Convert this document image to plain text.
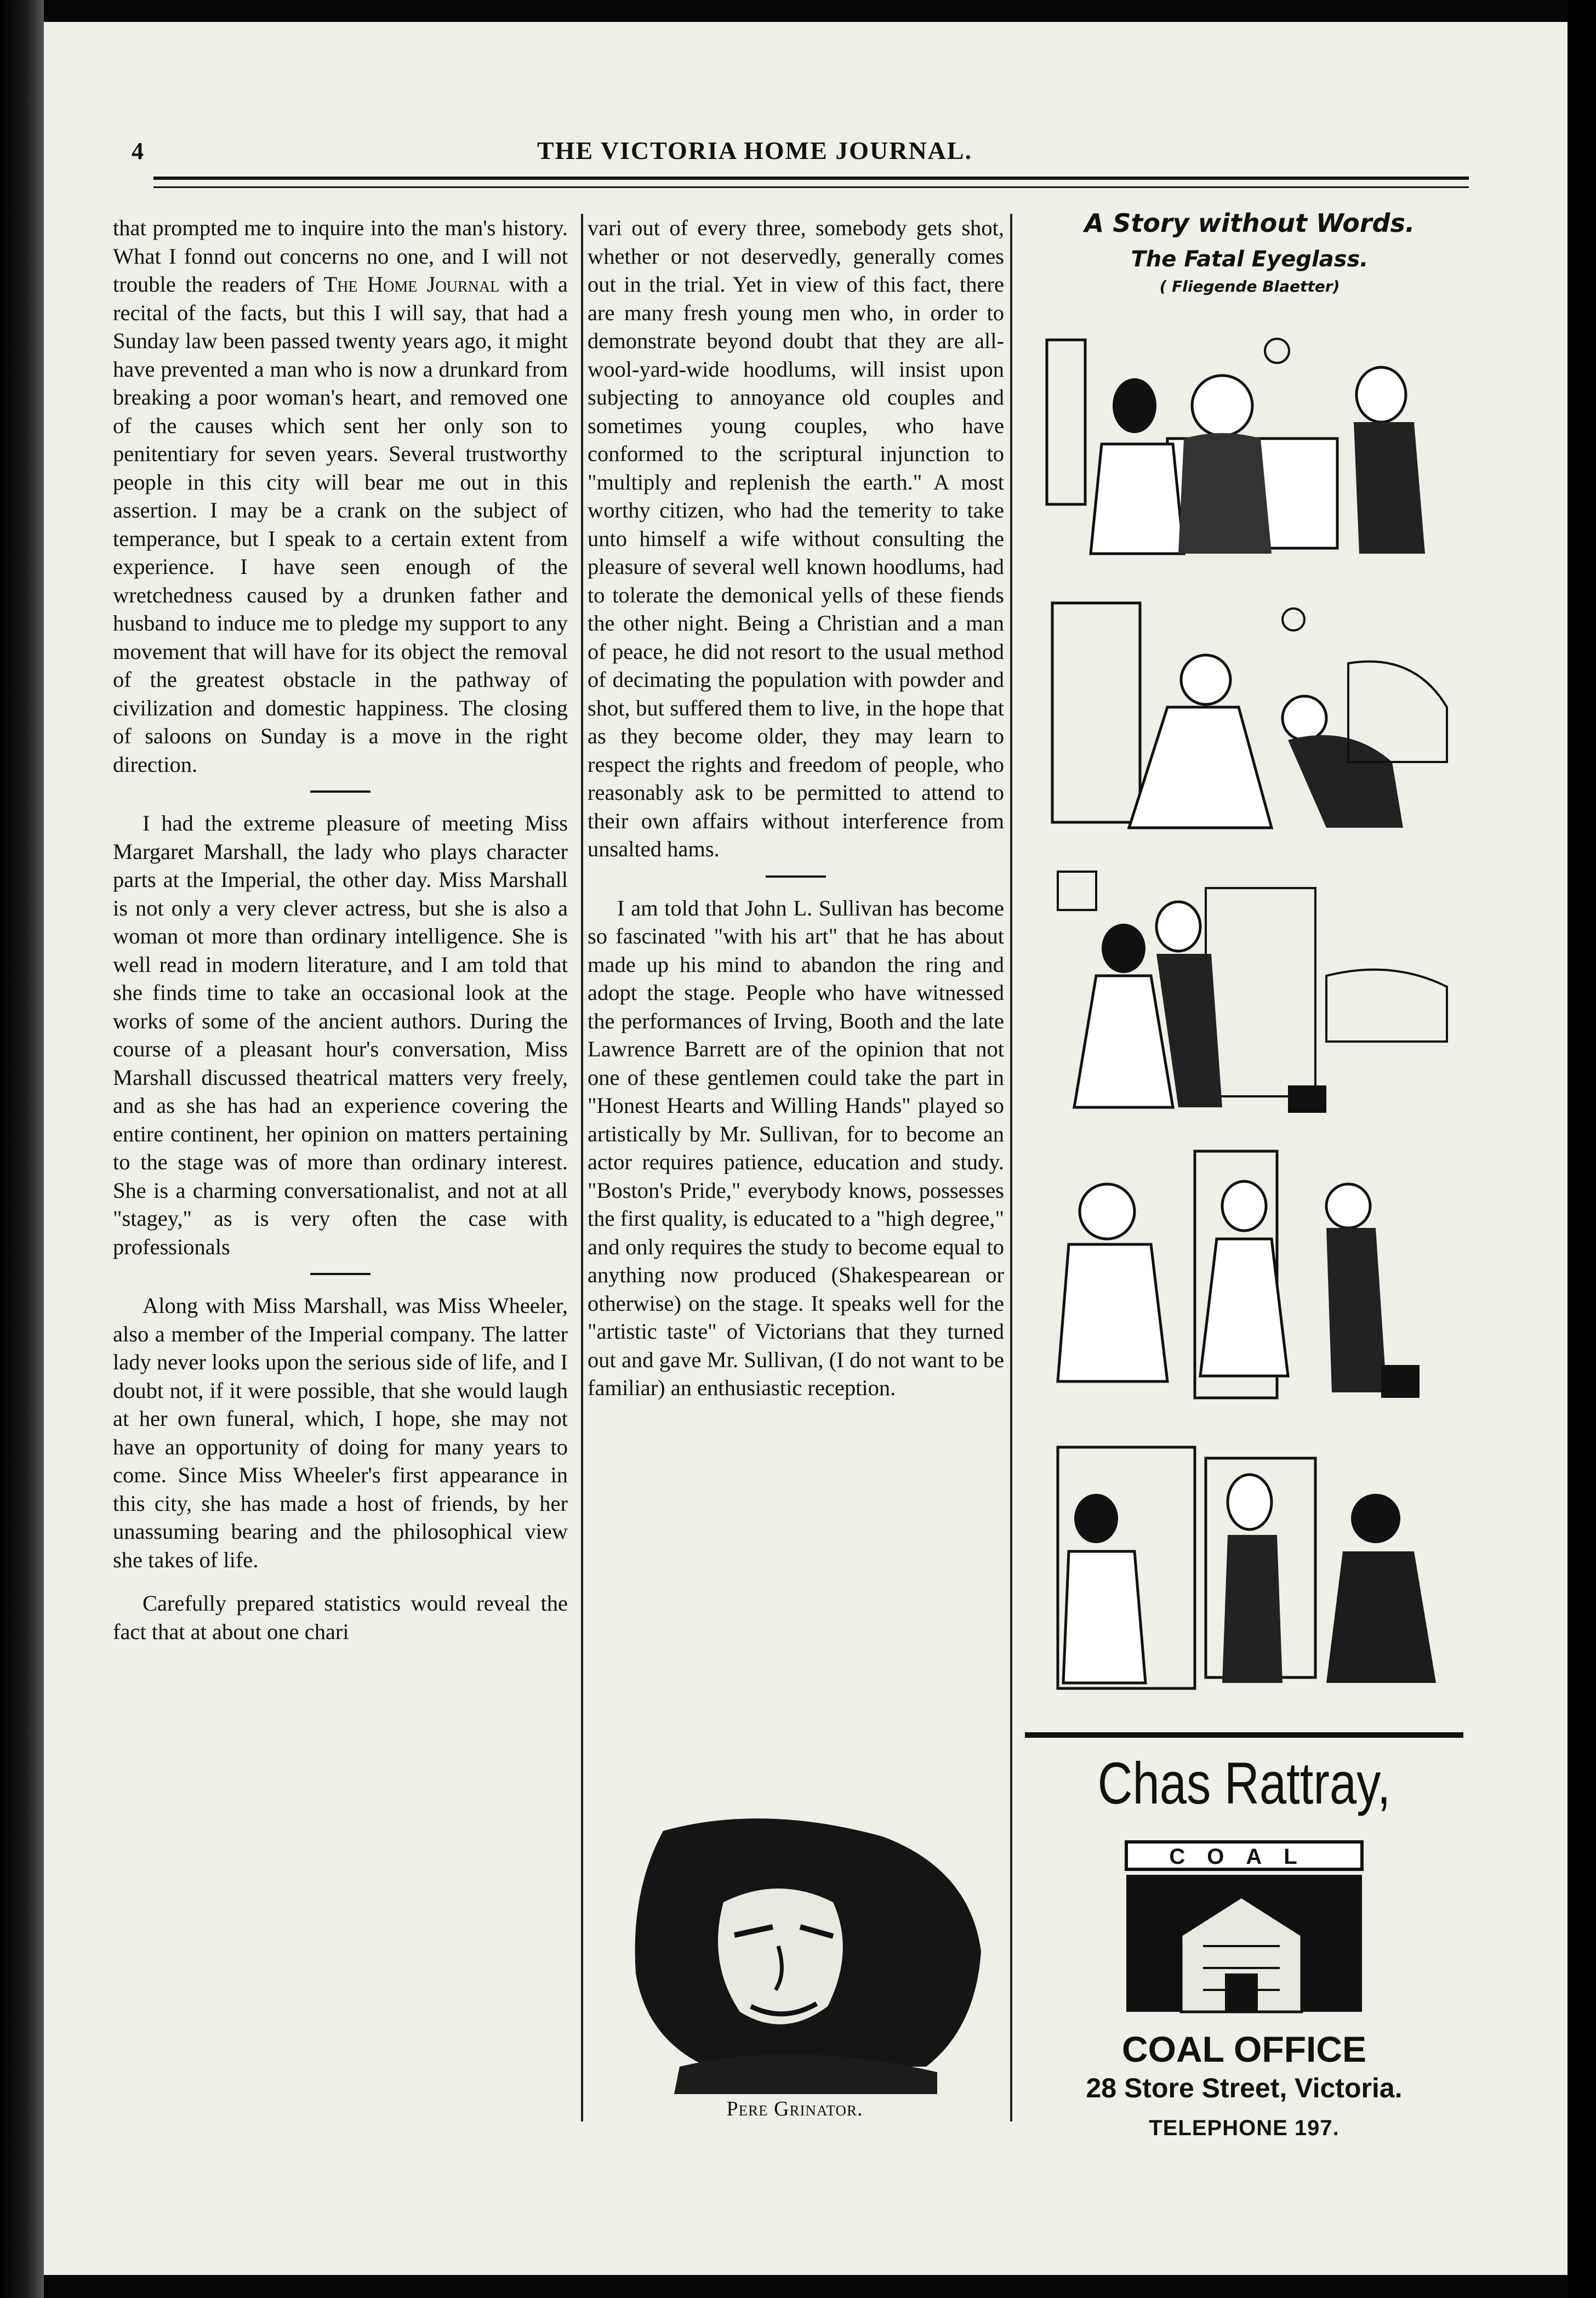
4	THE VICTORIA HOME JOURNAL.

that prompted me to inquire into the man's history. What I fonnd out concerns no one, and I will not trouble the readers of The Home Journal with a recital of the facts, but this I will say, that had a Sunday law been passed twenty years ago, it might have prevented a man who is now a drunkard from breaking a poor woman's heart, and removed one of the causes which sent her only son to penitentiary for seven years. Several trustworthy people in this city will bear me out in this assertion. I may be a crank on the subject of temperance, but I speak to a certain extent from experience. I have seen enough of the wretchedness caused by a drunken father and husband to induce me to pledge my support to any movement that will have for its object the removal of the greatest obstacle in the pathway of civilization and domestic happiness. The closing of saloons on Sunday is a move in the right direction.

I had the extreme pleasure of meeting Miss Margaret Marshall, the lady who plays character parts at the Imperial, the other day. Miss Marshall is not only a very clever actress, but she is also a woman ot more than ordinary intelligence. She is well read in modern literature, and I am told that she finds time to take an occasional look at the works of some of the ancient authors. During the course of a pleasant hour's conversation, Miss Marshall discussed theatrical matters very freely, and as she has had an experience covering the entire continent, her opinion on matters pertaining to the stage was of more than ordinary interest. She is a charming conversationalist, and not at all "stagey," as is very often the case with professionals

Along with Miss Marshall, was Miss Wheeler, also a member of the Imperial company. The latter lady never looks upon the serious side of life, and I doubt not, if it were possible, that she would laugh at her own funeral, which, I hope, she may not have an opportunity of doing for many years to come. Since Miss Wheeler's first appearance in this city, she has made a host of friends, by her unassuming bearing and the philosophical view she takes of life.

Carefully prepared statistics would reveal the fact that at about one chari

vari out of every three, somebody gets shot, whether or not deservedly, generally comes out in the trial. Yet in view of this fact, there are many fresh young men who, in order to demonstrate beyond doubt that they are all-wool-yard-wide hoodlums, will insist upon subjecting to annoyance old couples and sometimes young couples, who have conformed to the scriptural injunction to "multiply and replenish the earth." A most worthy citizen, who had the temerity to take unto himself a wife without consulting the pleasure of several well known hoodlums, had to tolerate the demonical yells of these fiends the other night. Being a Christian and a man of peace, he did not resort to the usual method of decimating the population with powder and shot, but suffered them to live, in the hope that as they become older, they may learn to respect the rights and freedom of people, who reasonably ask to be permitted to attend to their own affairs without interference from unsalted hams.

I am told that John L. Sullivan has become so fascinated "with his art" that he has about made up his mind to abandon the ring and adopt the stage. People who have witnessed the performances of Irving, Booth and the late Lawrence Barrett are of the opinion that not one of these gentlemen could take the part in "Honest Hearts and Willing Hands" played so artistically by Mr. Sullivan, for to become an actor requires patience, education and study. "Boston's Pride," everybody knows, possesses the first quality, is educated to a "high degree," and only requires the study to become equal to anything now produced (Shakespearean or otherwise) on the stage. It speaks well for the "artistic taste" of Victorians that they turned out and gave Mr. Sullivan, (I do not want to be familiar) an enthusiastic reception.

Pere Grinator.
A Story without Words.
The Fatal Eyeglass.
( Fliegende Blaetter)
Chas Rattray,
COAL
COAL OFFICE
28 Store Street, Victoria.
TELEPHONE 197.
